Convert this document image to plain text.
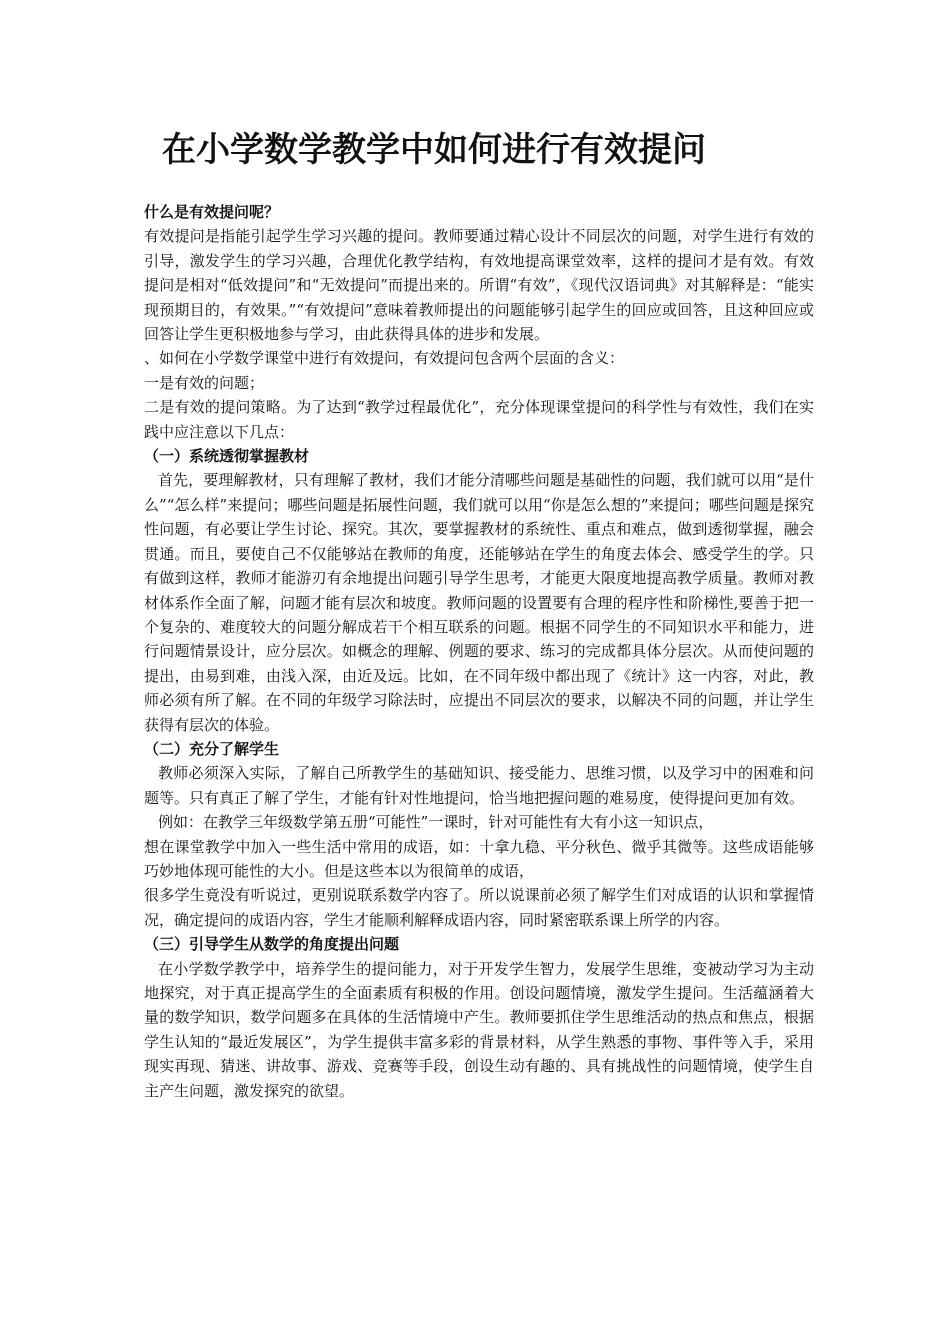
在小学数学教学中如何进行有效提问
什么是有效提问呢？

有效提问是指能引起学生学习兴趣的提问。教师要通过精心设计不同层次的问题，对学生进行有效的引导，激发学生的学习兴趣，合理优化教学结构，有效地提高课堂效率，这样的提问才是有效。有效提问是相对“低效提问”和“无效提问”而提出来的。所谓“有效”，《现代汉语词典》对其解释是：“能实现预期目的，有效果。”“有效提问”意味着教师提出的问题能够引起学生的回应或回答，且这种回应或回答让学生更积极地参与学习，由此获得具体的进步和发展。

、如何在小学数学课堂中进行有效提问，有效提问包含两个层面的含义：

一是有效的问题；

二是有效的提问策略。为了达到“教学过程最优化”，充分体现课堂提问的科学性与有效性，我们在实践中应注意以下几点：

（一）系统透彻掌握教材

首先，要理解教材，只有理解了教材，我们才能分清哪些问题是基础性的问题，我们就可以用“是什么”“怎么样”来提问；哪些问题是拓展性问题，我们就可以用“你是怎么想的”来提问；哪些问题是探究性问题，有必要让学生讨论、探究。其次，要掌握教材的系统性、重点和难点，做到透彻掌握，融会贯通。而且，要使自己不仅能够站在教师的角度，还能够站在学生的角度去体会、感受学生的学。只有做到这样，教师才能游刃有余地提出问题引导学生思考，才能更大限度地提高教学质量。教师对教材体系作全面了解，问题才能有层次和坡度。教师问题的设置要有合理的程序性和阶梯性,要善于把一个复杂的、难度较大的问题分解成若干个相互联系的问题。根据不同学生的不同知识水平和能力，进行问题情景设计，应分层次。如概念的理解、例题的要求、练习的完成都具体分层次。从而使问题的提出，由易到难，由浅入深，由近及远。比如，在不同年级中都出现了《统计》这一内容，对此，教师必须有所了解。在不同的年级学习除法时，应提出不同层次的要求，以解决不同的问题，并让学生获得有层次的体验。

（二）充分了解学生

教师必须深入实际，了解自己所教学生的基础知识、接受能力、思维习惯，以及学习中的困难和问题等。只有真正了解了学生，才能有针对性地提问，恰当地把握问题的难易度，使得提问更加有效。

例如：在教学三年级数学第五册“可能性”一课时，针对可能性有大有小这一知识点，

想在课堂教学中加入一些生活中常用的成语，如：十拿九稳、平分秋色、微乎其微等。这些成语能够巧妙地体现可能性的大小。但是这些本以为很简单的成语，

很多学生竟没有听说过，更别说联系数学内容了。所以说课前必须了解学生们对成语的认识和掌握情况，确定提问的成语内容，学生才能顺利解释成语内容，同时紧密联系课上所学的内容。

（三）引导学生从数学的角度提出问题

在小学数学教学中，培养学生的提问能力，对于开发学生智力，发展学生思维，变被动学习为主动地探究，对于真正提高学生的全面素质有积极的作用。创设问题情境，激发学生提问。生活蕴涵着大量的数学知识，数学问题多在具体的生活情境中产生。教师要抓住学生思维活动的热点和焦点，根据学生认知的“最近发展区”，为学生提供丰富多彩的背景材料，从学生熟悉的事物、事件等入手，采用现实再现、猜迷、讲故事、游戏、竞赛等手段，创设生动有趣的、具有挑战性的问题情境，使学生自主产生问题，激发探究的欲望。
